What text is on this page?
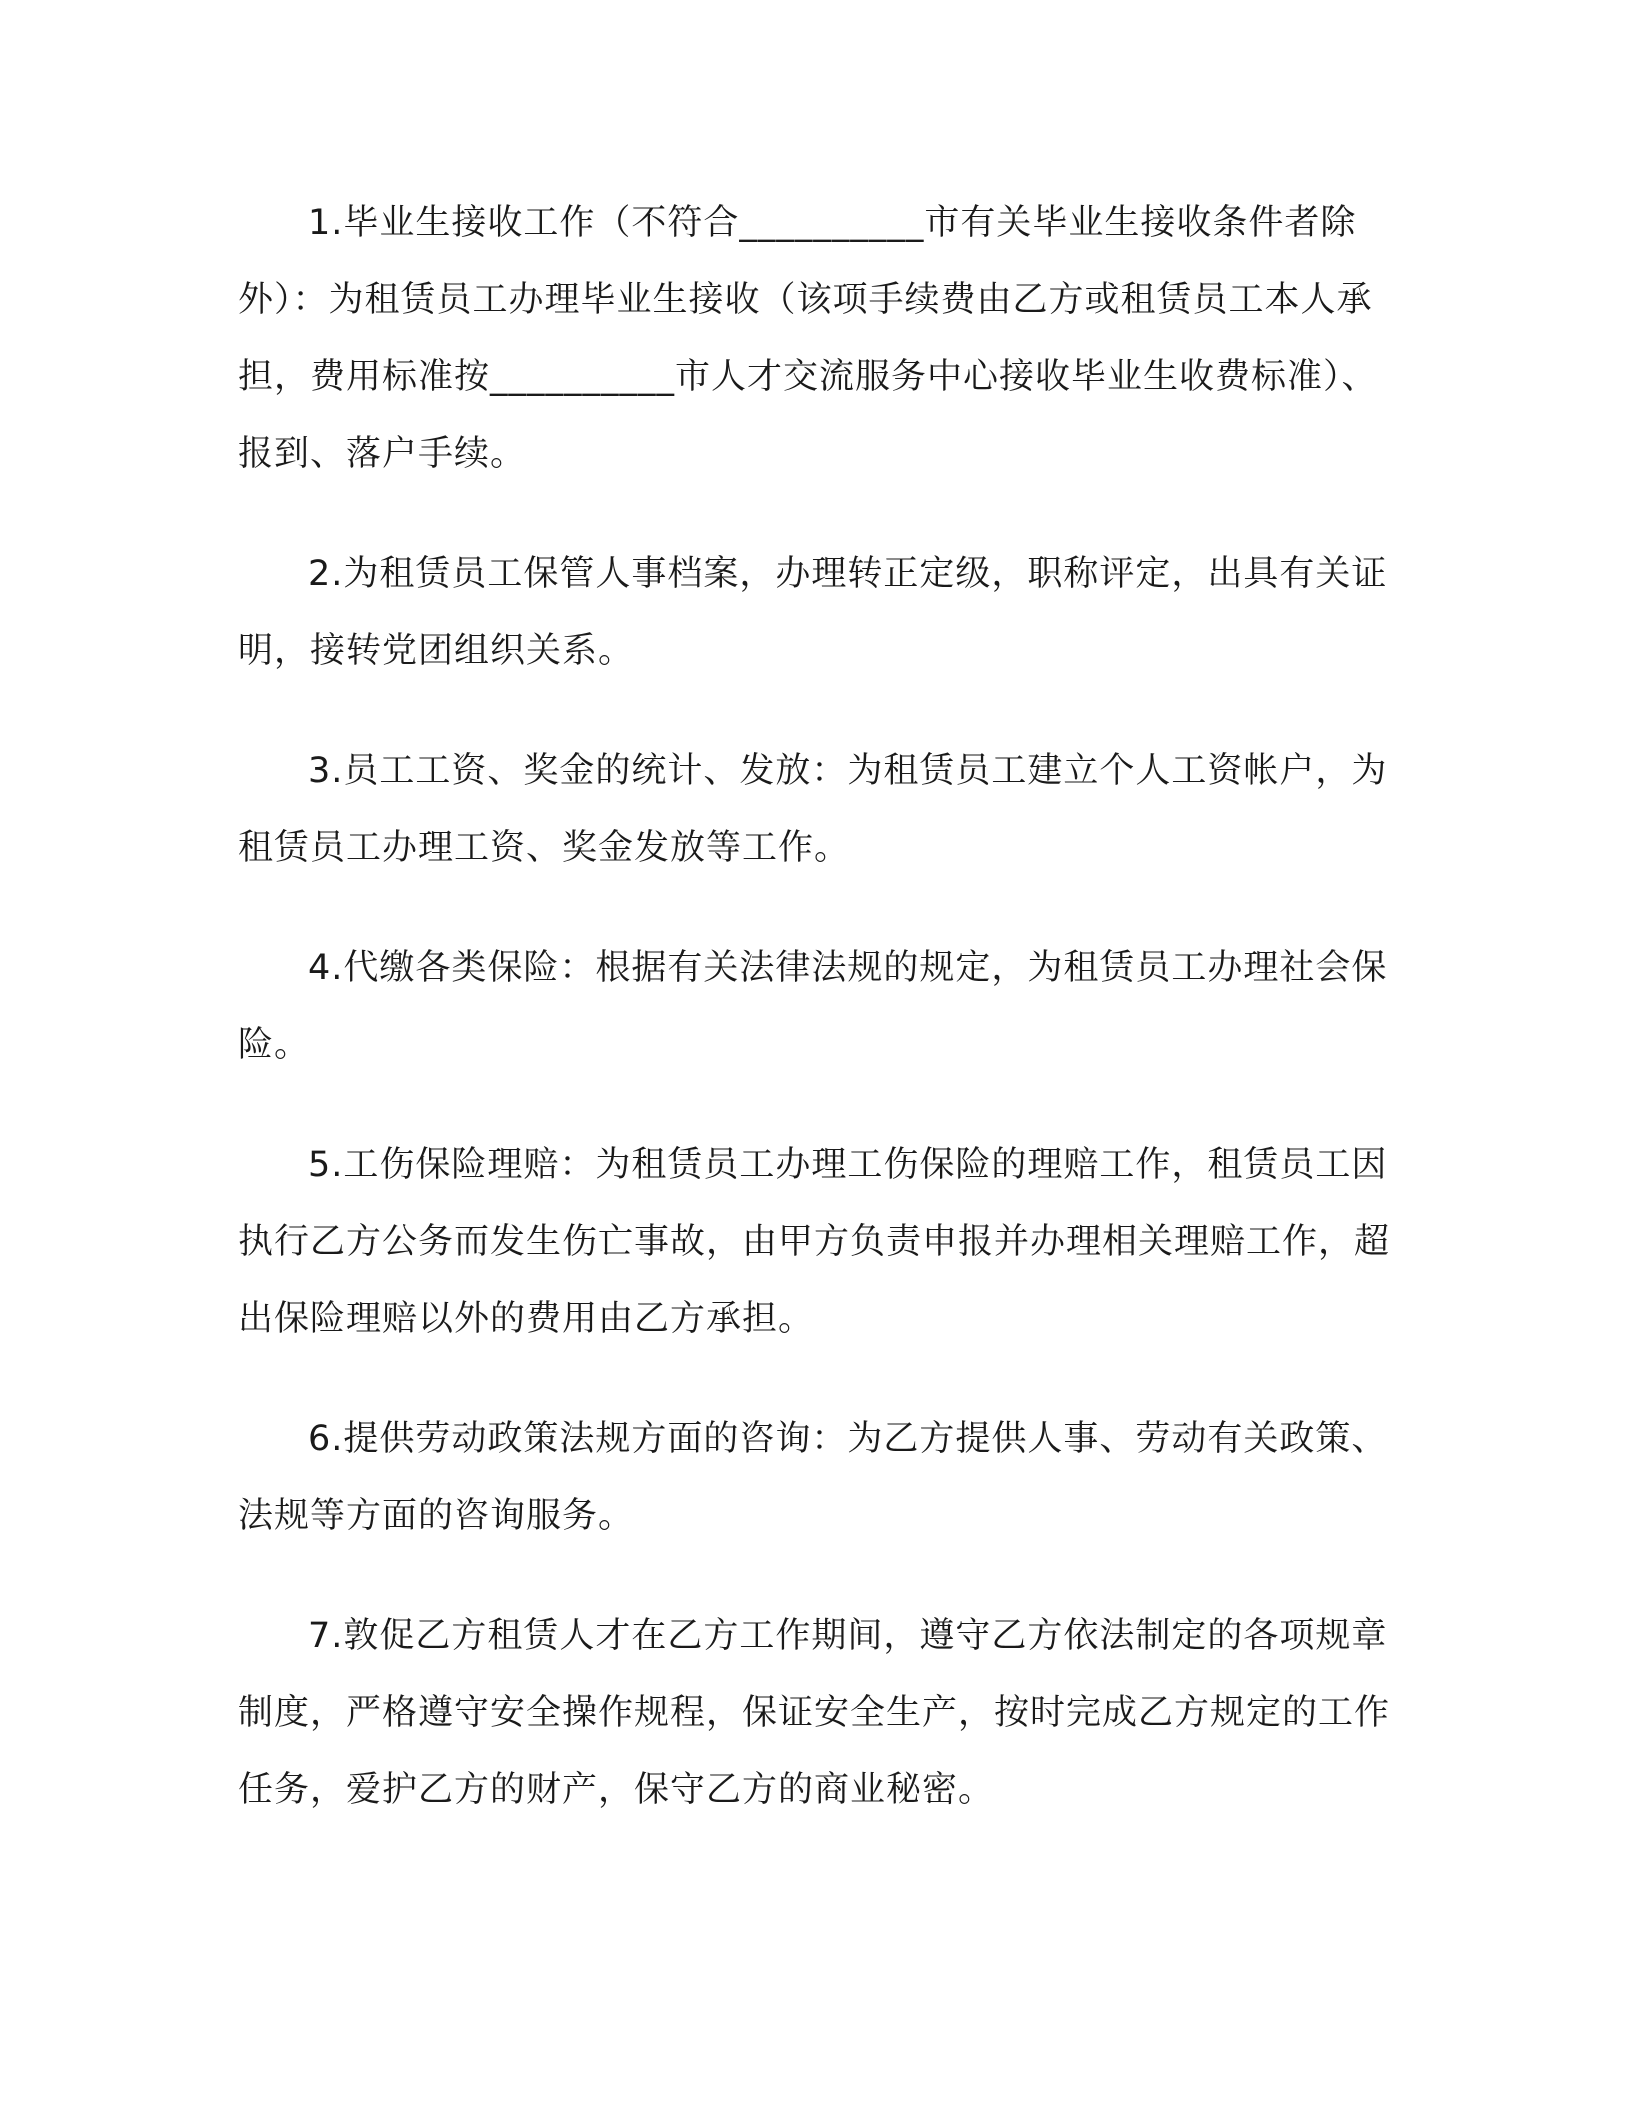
1.毕业生接收工作（不符合__________市有关毕业生接收条件者除外）：为租赁员工办理毕业生接收（该项手续费由乙方或租赁员工本人承担，费用标准按__________市人才交流服务中心接收毕业生收费标准）、报到、落户手续。

2.为租赁员工保管人事档案，办理转正定级，职称评定，出具有关证明，接转党团组织关系。

3.员工工资、奖金的统计、发放：为租赁员工建立个人工资帐户，为租赁员工办理工资、奖金发放等工作。

4.代缴各类保险：根据有关法律法规的规定，为租赁员工办理社会保险。

5.工伤保险理赔：为租赁员工办理工伤保险的理赔工作，租赁员工因执行乙方公务而发生伤亡事故，由甲方负责申报并办理相关理赔工作，超出保险理赔以外的费用由乙方承担。

6.提供劳动政策法规方面的咨询：为乙方提供人事、劳动有关政策、法规等方面的咨询服务。

7.敦促乙方租赁人才在乙方工作期间，遵守乙方依法制定的各项规章制度，严格遵守安全操作规程，保证安全生产，按时完成乙方规定的工作任务，爱护乙方的财产，保守乙方的商业秘密。
